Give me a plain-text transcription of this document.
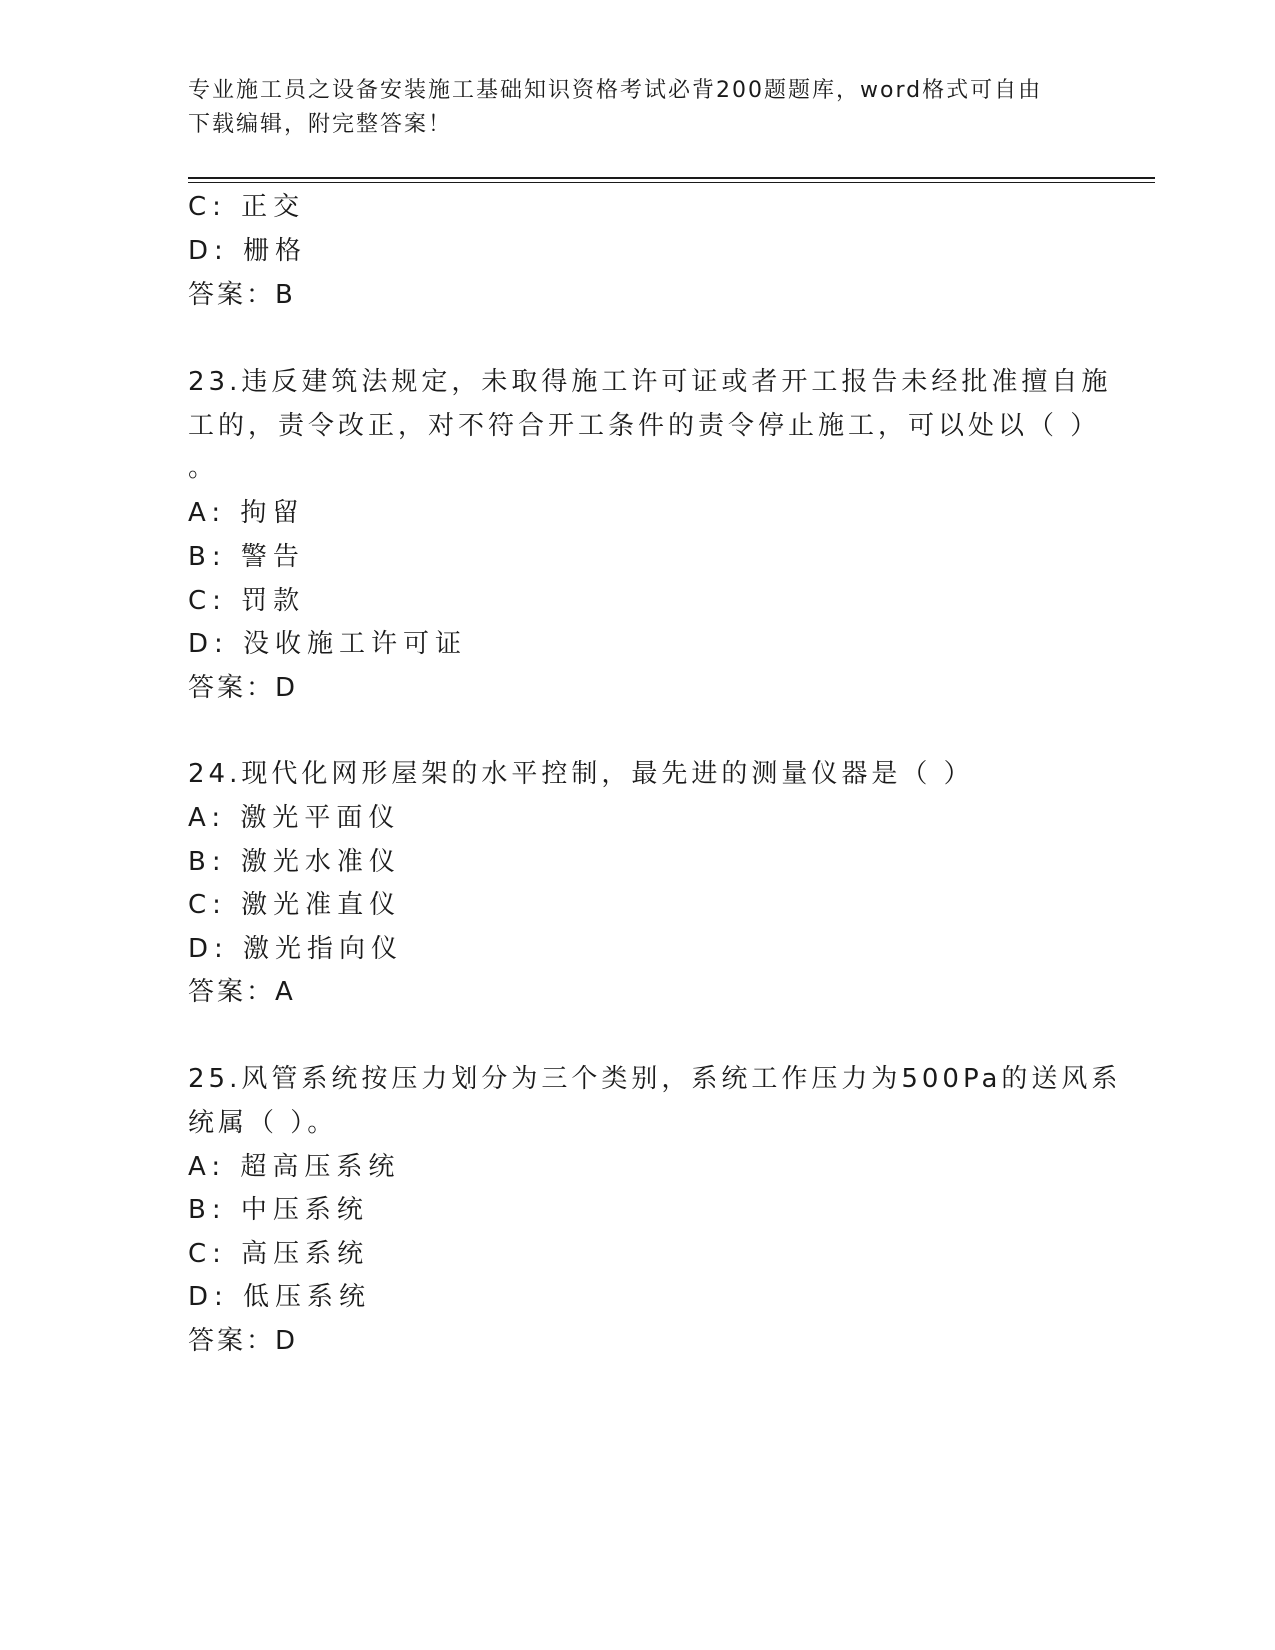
专业施工员之设备安装施工基础知识资格考试必背200题题库，word格式可自由
下载编辑，附完整答案！
C: 正交
D: 栅格
答案：B
23.违反建筑法规定，未取得施工许可证或者开工报告未经批准擅自施
工的，责令改正，对不符合开工条件的责令停止施工，可以处以（ ）
。
A: 拘留
B: 警告
C: 罚款
D: 没收施工许可证
答案：D
24.现代化网形屋架的水平控制，最先进的测量仪器是（ ）
A: 激光平面仪
B: 激光水准仪
C: 激光准直仪
D: 激光指向仪
答案：A
25.风管系统按压力划分为三个类别，系统工作压力为500Pa的送风系
统属（ ）。
A: 超高压系统
B: 中压系统
C: 高压系统
D: 低压系统
答案：D
